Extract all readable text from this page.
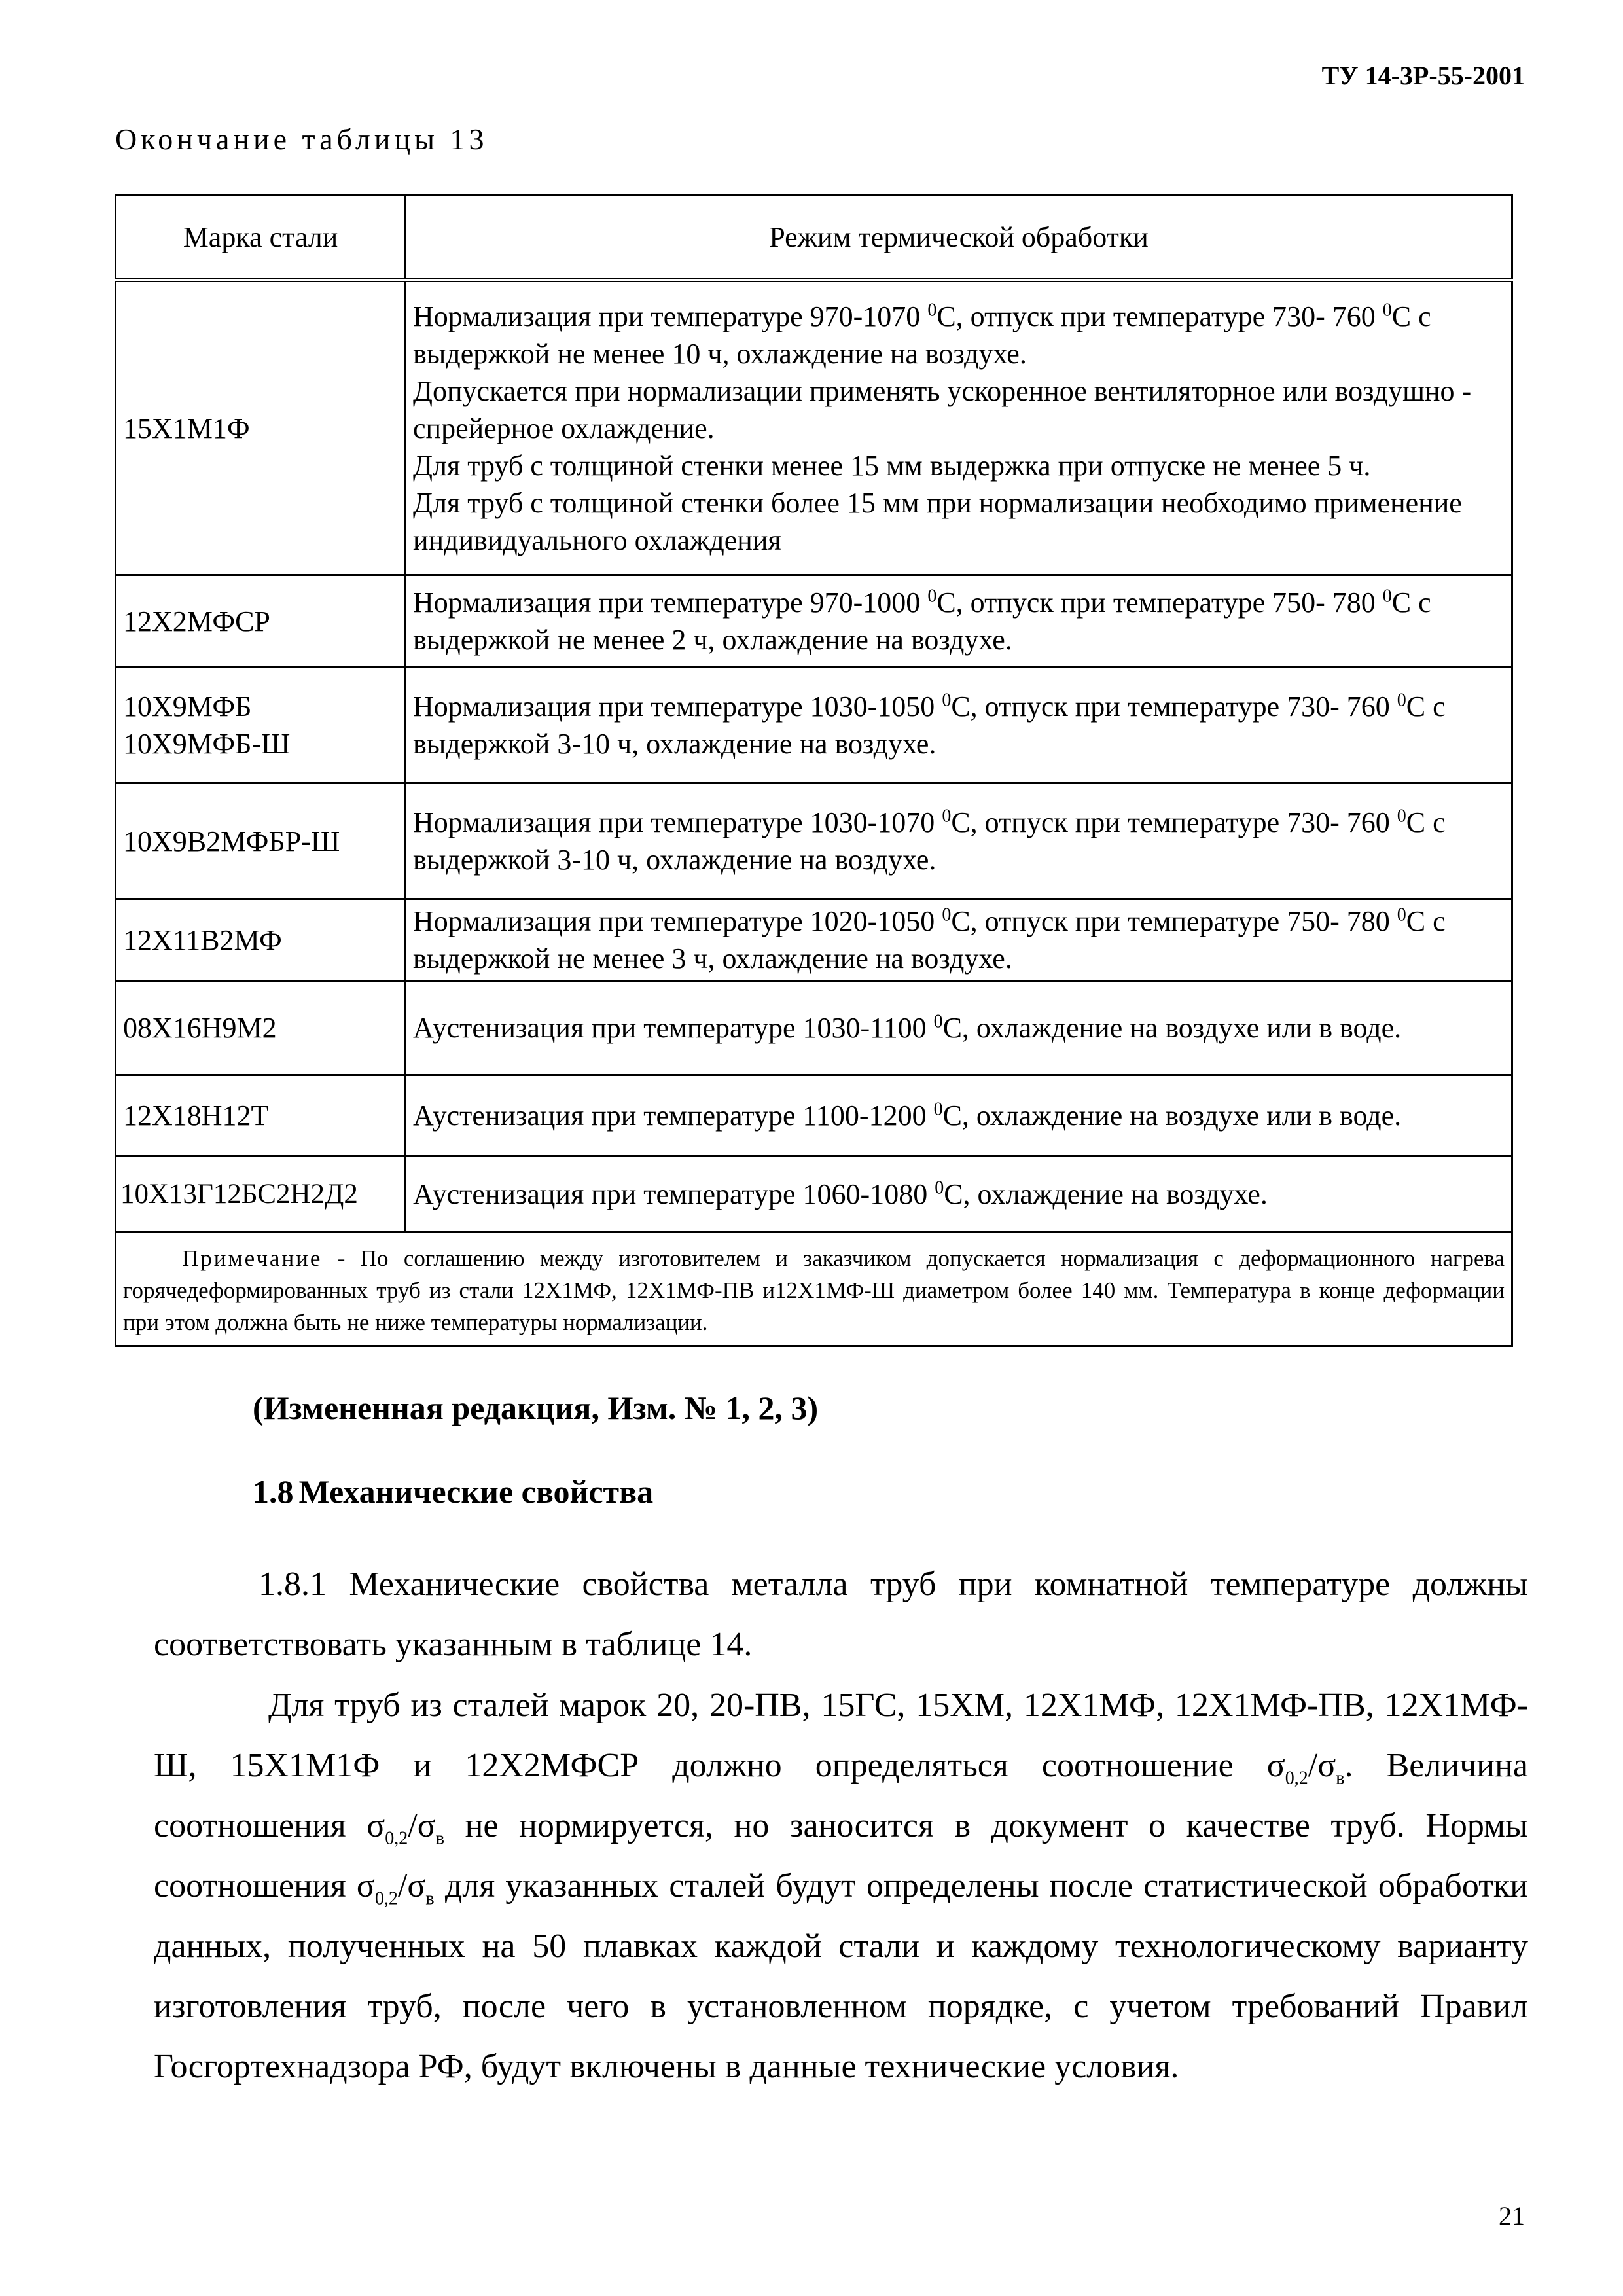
ТУ 14-3Р-55-2001
Окончание таблицы 13
Марка стали	Режим термической обработки
15Х1М1Ф	Нормализация при температуре 970-1070 $^0$С, отпуск при температуре 730- 760 $^0$С с выдержкой не менее 10 ч, охлаждение на воздухе.
Допускается при нормализации применять ускоренное вентиляторное или воздушно - спрейерное охлаждение.
Для труб с толщиной стенки менее 15 мм выдержка при отпуске не менее 5 ч.
Для труб с толщиной стенки более 15 мм при нормализации необходимо применение индивидуального охлаждения
12Х2МФСР	Нормализация при температуре 970-1000 $^0$С, отпуск при температуре 750- 780 $^0$С с выдержкой не менее 2 ч, охлаждение на воздухе.
10Х9МФБ
10Х9МФБ-Ш	Нормализация при температуре 1030-1050 $^0$С, отпуск при температуре 730- 760 $^0$С с выдержкой 3-10 ч, охлаждение на воздухе.
10Х9В2МФБР-Ш	Нормализация при температуре 1030-1070 $^0$С, отпуск при температуре 730- 760 $^0$С с выдержкой 3-10 ч, охлаждение на воздухе.
12Х11В2МФ	Нормализация при температуре 1020-1050 $^0$С, отпуск при температуре 750- 780 $^0$С с выдержкой не менее 3 ч, охлаждение на воздухе.
08Х16Н9М2	Аустенизация при температуре 1030-1100 $^0$С, охлаждение на воздухе или в воде.
12Х18Н12Т	Аустенизация при температуре 1100-1200 $^0$С, охлаждение на воздухе или в воде.
10Х13Г12БС2Н2Д2	Аустенизация при температуре 1060-1080 $^0$С, охлаждение на воздухе.

Примечание - По соглашению между изготовителем и заказчиком допускается нормализация с деформационного нагрева горячедеформированных труб из стали 12Х1МФ, 12Х1МФ-ПВ и12Х1МФ-Ш диаметром более 140 мм. Температура в конце деформации при этом должна быть не ниже температуры нормализации.	
(Измененная редакция, Изм. № 1, 2, 3)
1.8 Механические свойства
1.8.1 Механические свойства металла труб при комнатной температуре должны соответствовать указанным в таблице 14.
Для труб из сталей марок 20, 20-ПВ, 15ГС, 15ХМ, 12Х1МФ, 12Х1МФ-ПВ, 12Х1МФ-Ш, 15Х1М1Ф и 12Х2МФСР должно определяться соотношение $\sigma_{0,2}/\sigma_в$. Величина соотношения $\sigma_{0,2}/\sigma_в$ не нормируется, но заносится в документ о качестве труб. Нормы соотношения $\sigma_{0,2}/\sigma_в$ для указанных сталей будут определены после статистической обработки данных, полученных на 50 плавках каждой стали и каждому технологическому варианту изготовления труб, после чего в установленном порядке, с учетом требований Правил Госгортехнадзора РФ, будут включены в данные технические условия.
21
